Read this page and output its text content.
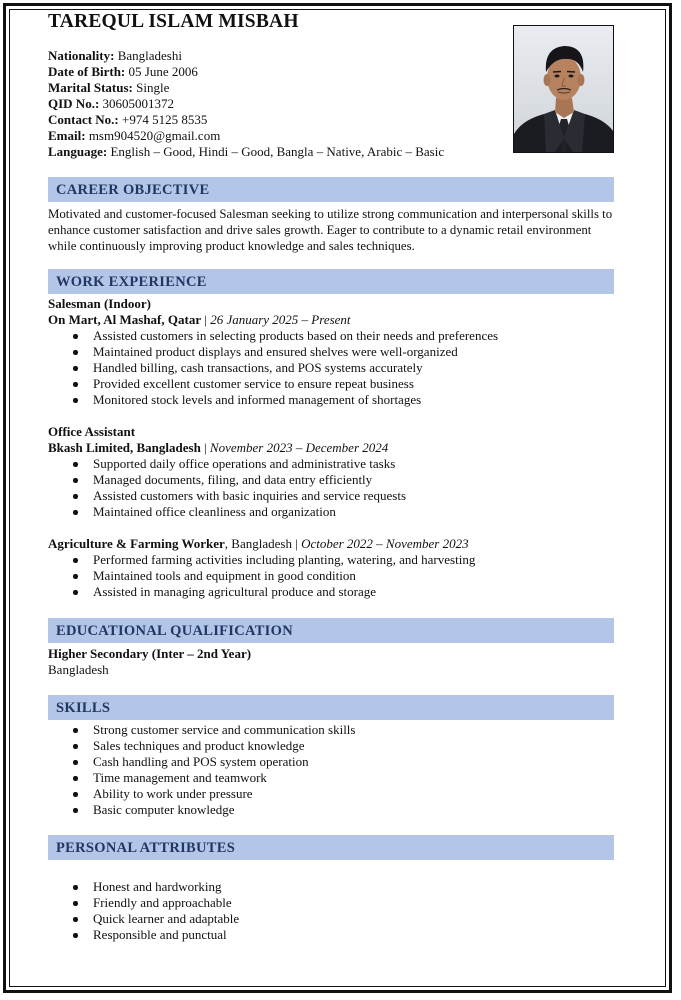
TAREQUL ISLAM MISBAH
Nationality: Bangladeshi
Date of Birth: 05 June 2006
Marital Status: Single
QID No.: 30605001372
Contact No.: +974 5125 8535
Email: msm904520@gmail.com
Language: English – Good, Hindi – Good, Bangla – Native, Arabic – Basic
CAREER OBJECTIVE
Motivated and customer-focused Salesman seeking to utilize strong communication and interpersonal skills to enhance customer satisfaction and drive sales growth. Eager to contribute to a dynamic retail environment while continuously improving product knowledge and sales techniques.
WORK EXPERIENCE
Salesman (Indoor)
On Mart, Al Mashaf, Qatar | 26 January 2025 – Present
Assisted customers in selecting products based on their needs and preferences
Maintained product displays and ensured shelves were well-organized
Handled billing, cash transactions, and POS systems accurately
Provided excellent customer service to ensure repeat business
Monitored stock levels and informed management of shortages
Office Assistant
Bkash Limited, Bangladesh | November 2023 – December 2024
Supported daily office operations and administrative tasks
Managed documents, filing, and data entry efficiently
Assisted customers with basic inquiries and service requests
Maintained office cleanliness and organization
Agriculture & Farming Worker, Bangladesh | October 2022 – November 2023
Performed farming activities including planting, watering, and harvesting
Maintained tools and equipment in good condition
Assisted in managing agricultural produce and storage
EDUCATIONAL QUALIFICATION
Higher Secondary (Inter – 2nd Year)
Bangladesh
SKILLS
Strong customer service and communication skills
Sales techniques and product knowledge
Cash handling and POS system operation
Time management and teamwork
Ability to work under pressure
Basic computer knowledge
PERSONAL ATTRIBUTES
Honest and hardworking
Friendly and approachable
Quick learner and adaptable
Responsible and punctual
